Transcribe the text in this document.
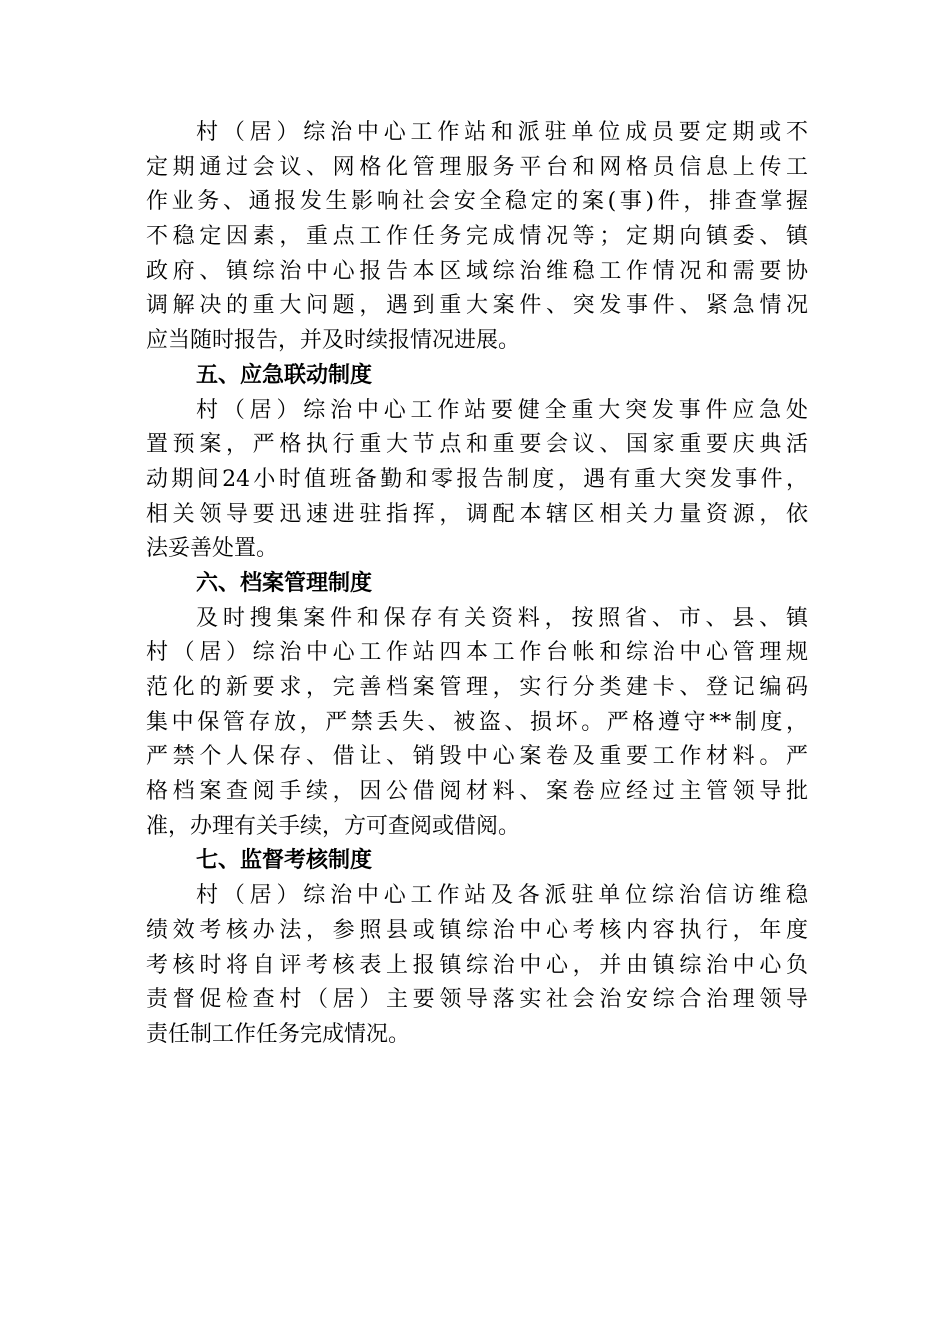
村（居）综治中心工作站和派驻单位成员要定期或不
定期通过会议、网格化管理服务平台和网格员信息上传工
作业务、通报发生影响社会安全稳定的案(事)件，排查掌握
不稳定因素，重点工作任务完成情况等；定期向镇委、镇
政府、镇综治中心报告本区域综治维稳工作情况和需要协
调解决的重大问题，遇到重大案件、突发事件、紧急情况
应当随时报告，并及时续报情况进展。
五、应急联动制度
村（居）综治中心工作站要健全重大突发事件应急处
置预案，严格执行重大节点和重要会议、国家重要庆典活
动期间24小时值班备勤和零报告制度，遇有重大突发事件，
相关领导要迅速进驻指挥，调配本辖区相关力量资源，依
法妥善处置。
六、档案管理制度
及时搜集案件和保存有关资料，按照省、市、县、镇
村（居）综治中心工作站四本工作台帐和综治中心管理规
范化的新要求，完善档案管理，实行分类建卡、登记编码
集中保管存放，严禁丢失、被盗、损坏。严格遵守**制度，
严禁个人保存、借让、销毁中心案卷及重要工作材料。严
格档案查阅手续，因公借阅材料、案卷应经过主管领导批
准，办理有关手续，方可查阅或借阅。
七、监督考核制度
村（居）综治中心工作站及各派驻单位综治信访维稳
绩效考核办法，参照县或镇综治中心考核内容执行，年度
考核时将自评考核表上报镇综治中心，并由镇综治中心负
责督促检查村（居）主要领导落实社会治安综合治理领导
责任制工作任务完成情况。
